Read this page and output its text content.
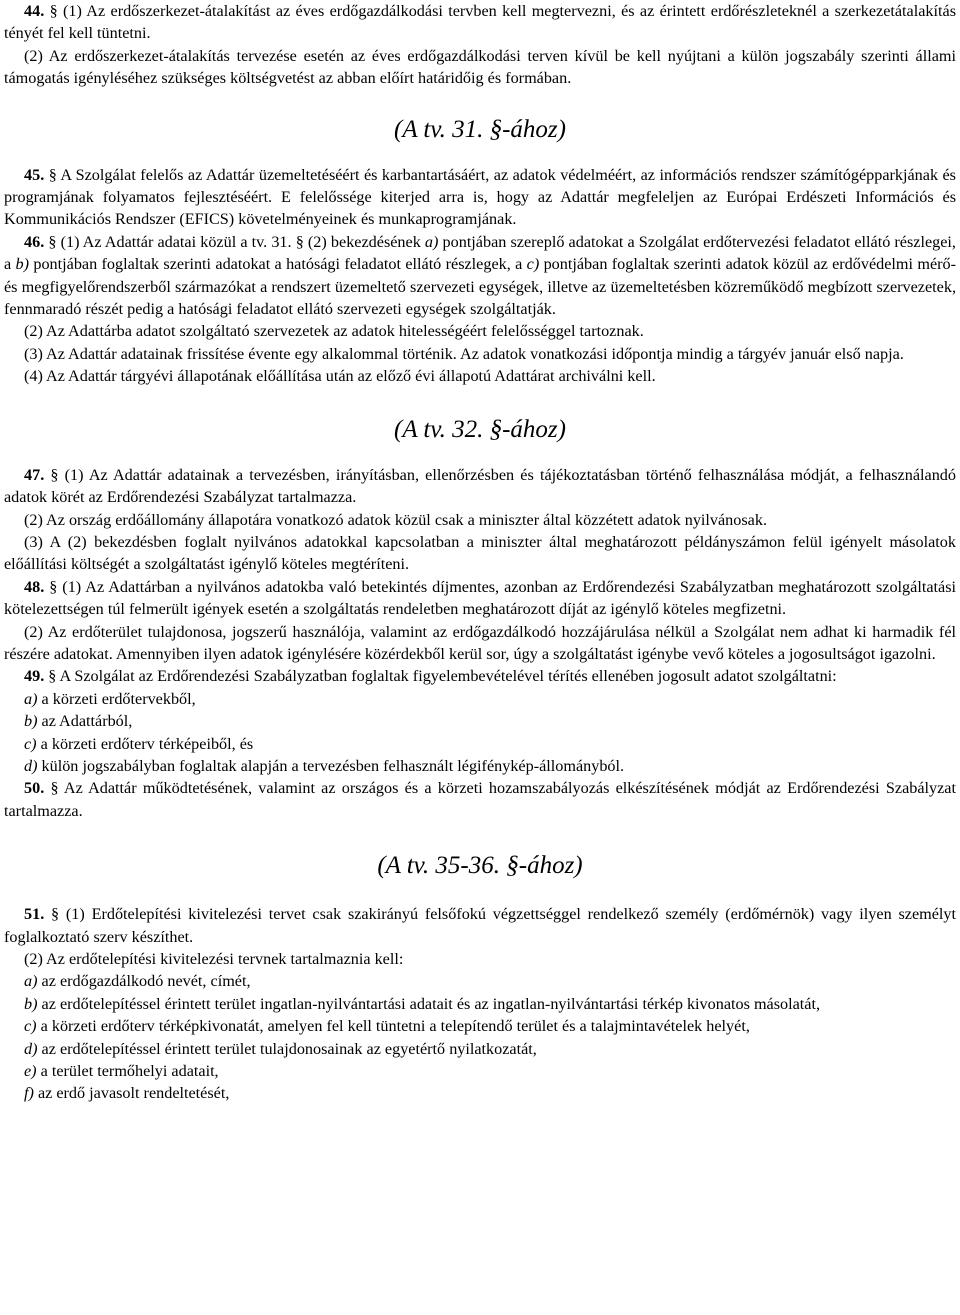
44. § (1) Az erdőszerkezet-átalakítást az éves erdőgazdálkodási tervben kell megtervezni, és az érintett erdőrészleteknél a szerkezetátalakítás tényét fel kell tüntetni.

(2) Az erdőszerkezet-átalakítás tervezése esetén az éves erdőgazdálkodási terven kívül be kell nyújtani a külön jogszabály szerinti állami támogatás igényléséhez szükséges költségvetést az abban előírt határidőig és formában.

(A tv. 31. §-ához)

45. § A Szolgálat felelős az Adattár üzemeltetéséért és karbantartásáért, az adatok védelméért, az információs rendszer számítógépparkjának és programjának folyamatos fejlesztéséért. E felelőssége kiterjed arra is, hogy az Adattár megfeleljen az Európai Erdészeti Információs és Kommunikációs Rendszer (EFICS) követelményeinek és munkaprogramjának.

46. § (1) Az Adattár adatai közül a tv. 31. § (2) bekezdésének a) pontjában szereplő adatokat a Szolgálat erdőtervezési feladatot ellátó részlegei, a b) pontjában foglaltak szerinti adatokat a hatósági feladatot ellátó részlegek, a c) pontjában foglaltak szerinti adatok közül az erdővédelmi mérő- és megfigyelőrendszerből származókat a rendszert üzemeltető szervezeti egységek, illetve az üzemeltetésben közreműködő megbízott szervezetek, fennmaradó részét pedig a hatósági feladatot ellátó szervezeti egységek szolgáltatják.

(2) Az Adattárba adatot szolgáltató szervezetek az adatok hitelességéért felelősséggel tartoznak.

(3) Az Adattár adatainak frissítése évente egy alkalommal történik. Az adatok vonatkozási időpontja mindig a tárgyév január első napja.

(4) Az Adattár tárgyévi állapotának előállítása után az előző évi állapotú Adattárat archiválni kell.

(A tv. 32. §-ához)

47. § (1) Az Adattár adatainak a tervezésben, irányításban, ellenőrzésben és tájékoztatásban történő felhasználása módját, a felhasználandó adatok körét az Erdőrendezési Szabályzat tartalmazza.

(2) Az ország erdőállomány állapotára vonatkozó adatok közül csak a miniszter által közzétett adatok nyilvánosak.

(3) A (2) bekezdésben foglalt nyilvános adatokkal kapcsolatban a miniszter által meghatározott példányszámon felül igényelt másolatok előállítási költségét a szolgáltatást igénylő köteles megtéríteni.

48. § (1) Az Adattárban a nyilvános adatokba való betekintés díjmentes, azonban az Erdőrendezési Szabályzatban meghatározott szolgáltatási kötelezettségen túl felmerült igények esetén a szolgáltatás rendeletben meghatározott díját az igénylő köteles megfizetni.

(2) Az erdőterület tulajdonosa, jogszerű használója, valamint az erdőgazdálkodó hozzájárulása nélkül a Szolgálat nem adhat ki harmadik fél részére adatokat. Amennyiben ilyen adatok igénylésére közérdekből kerül sor, úgy a szolgáltatást igénybe vevő köteles a jogosultságot igazolni.

49. § A Szolgálat az Erdőrendezési Szabályzatban foglaltak figyelembevételével térítés ellenében jogosult adatot szolgáltatni:

a) a körzeti erdőtervekből,

b) az Adattárból,

c) a körzeti erdőterv térképeiből, és

d) külön jogszabályban foglaltak alapján a tervezésben felhasznált légifénykép-állományból.

50. § Az Adattár működtetésének, valamint az országos és a körzeti hozamszabályozás elkészítésének módját az Erdőrendezési Szabályzat tartalmazza.

(A tv. 35-36. §-ához)

51. § (1) Erdőtelepítési kivitelezési tervet csak szakirányú felsőfokú végzettséggel rendelkező személy (erdőmérnök) vagy ilyen személyt foglalkoztató szerv készíthet.

(2) Az erdőtelepítési kivitelezési tervnek tartalmaznia kell:

a) az erdőgazdálkodó nevét, címét,

b) az erdőtelepítéssel érintett terület ingatlan-nyilvántartási adatait és az ingatlan-nyilvántartási térkép kivonatos másolatát,

c) a körzeti erdőterv térképkivonatát, amelyen fel kell tüntetni a telepítendő terület és a talajmintavételek helyét,

d) az erdőtelepítéssel érintett terület tulajdonosainak az egyetértő nyilatkozatát,

e) a terület termőhelyi adatait,

f) az erdő javasolt rendeltetését,
